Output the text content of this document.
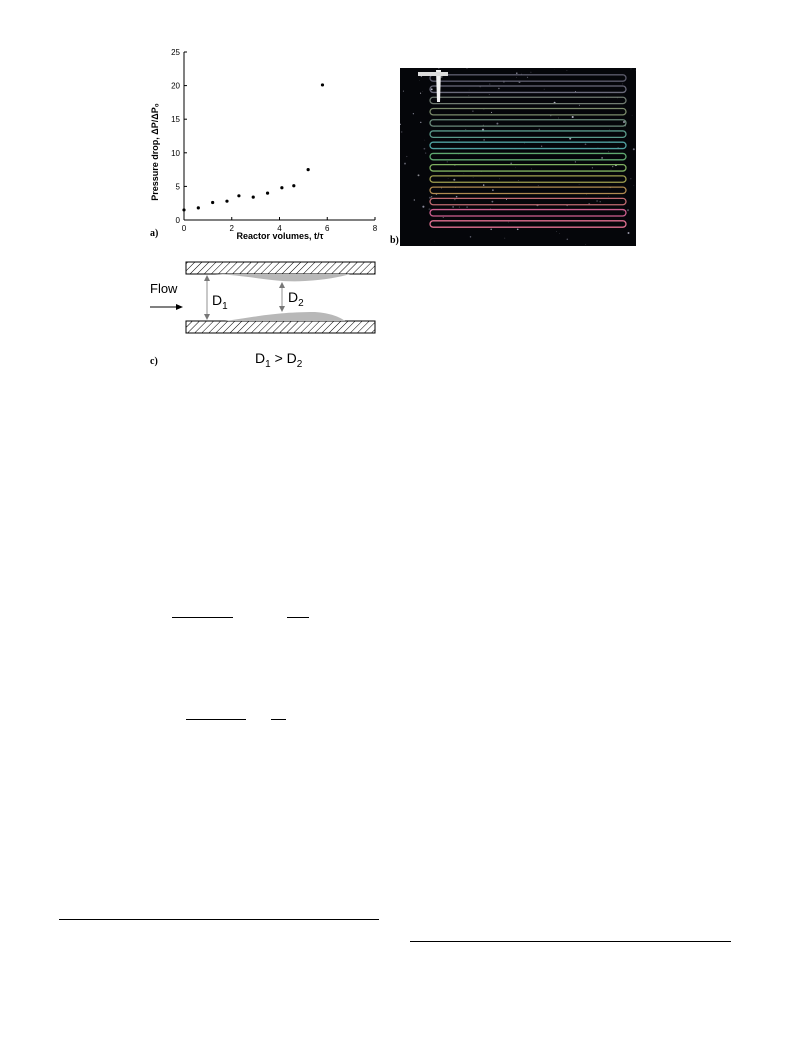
0	2	4	6	8
0
5
10
15
20
25
Reactor volumes, t/τ
Pressure drop, ΔP/ΔP₀
a)
b)
Flow
$D_1$
$D_2$
$D_1 > D_2$
c)
